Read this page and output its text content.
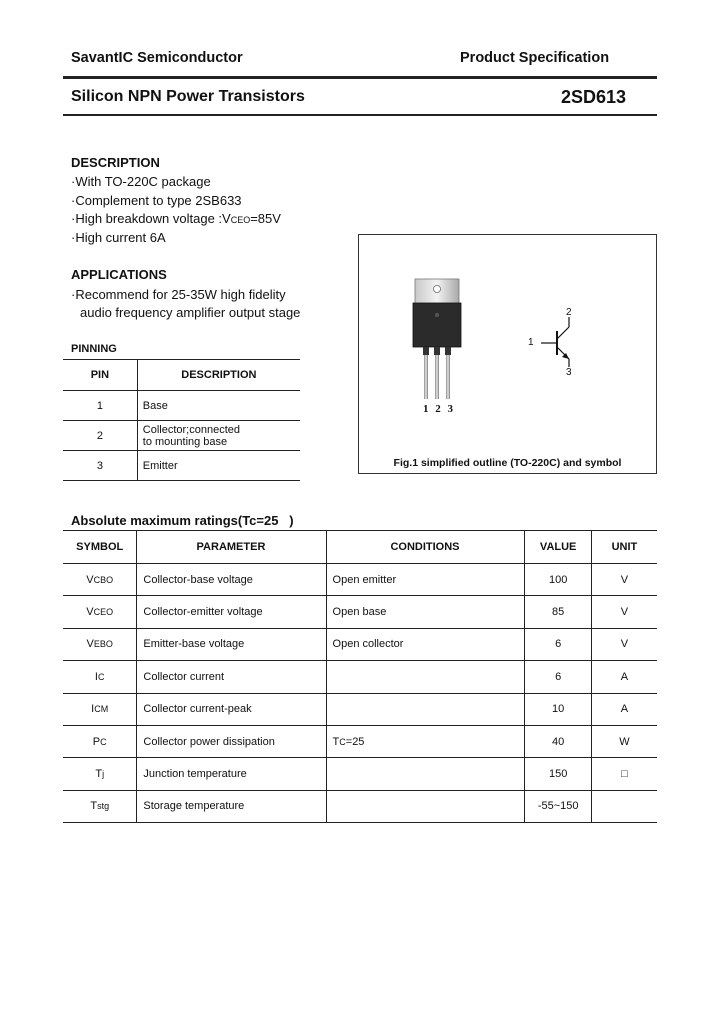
SavantIC Semiconductor	Product Specification
Silicon NPN Power Transistors	2SD613
DESCRIPTION
·With TO-220C package
·Complement to type 2SB633
·High breakdown voltage :VCEO=85V
·High current 6A
APPLICATIONS
·Recommend for 25-35W high fidelity
audio frequency amplifier output stage
PINNING
PIN	DESCRIPTION
1	Base
2	Collector;connected to mounting base
3	Emitter
1 2 3
1
2
3
Fig.1 simplified outline (TO-220C) and symbol
Absolute maximum ratings(Tc=25   )
SYMBOL	PARAMETER	CONDITIONS	VALUE	UNIT
VCBO	Collector-base voltage	Open emitter	100	V
VCEO	Collector-emitter voltage	Open base	85	V
VEBO	Emitter-base voltage	Open collector	6	V
IC	Collector current		6	A
ICM	Collector current-peak		10	A
PC	Collector power dissipation	TC=25	40	W
Tj	Junction temperature		150	□
Tstg	Storage temperature		-55~150	
